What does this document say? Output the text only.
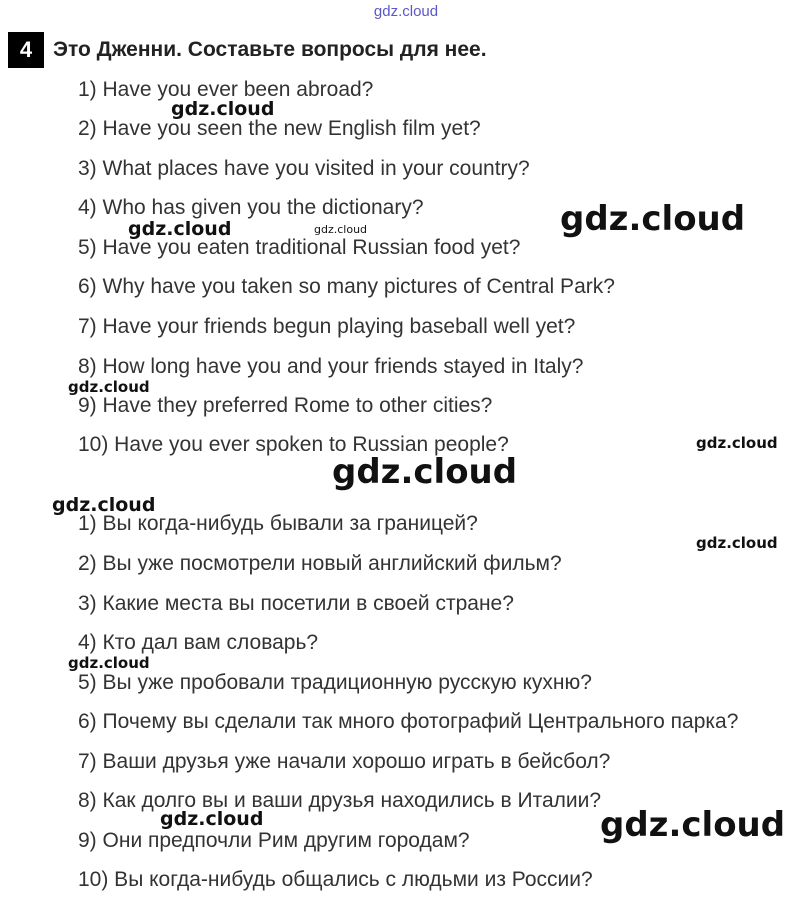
gdz.cloud
4 Это Дженни. Составьте вопросы для нее.
1) Have you ever been abroad?
2) Have you seen the new English film yet?
3) What places have you visited in your country?
4) Who has given you the dictionary?
5) Have you eaten traditional Russian food yet?
6) Why have you taken so many pictures of Central Park?
7) Have your friends begun playing baseball well yet?
8) How long have you and your friends stayed in Italy?
9) Have they preferred Rome to other cities?
10) Have you ever spoken to Russian people?
1) Вы когда-нибудь бывали за границей?
2) Вы уже посмотрели новый английский фильм?
3) Какие места вы посетили в своей стране?
4) Кто дал вам словарь?
5) Вы уже пробовали традиционную русскую кухню?
6) Почему вы сделали так много фотографий Центрального парка?
7) Ваши друзья уже начали хорошо играть в бейсбол?
8) Как долго вы и ваши друзья находились в Италии?
9) Они предпочли Рим другим городам?
10) Вы когда-нибудь общались с людьми из России?
gdz.cloud
gdz.cloud
gdz.cloud	gdz.cloud
gdz.cloud
gdz.cloud
gdz.cloud
gdz.cloud
gdz.cloud
gdz.cloud
gdz.cloud	gdz.cloud
